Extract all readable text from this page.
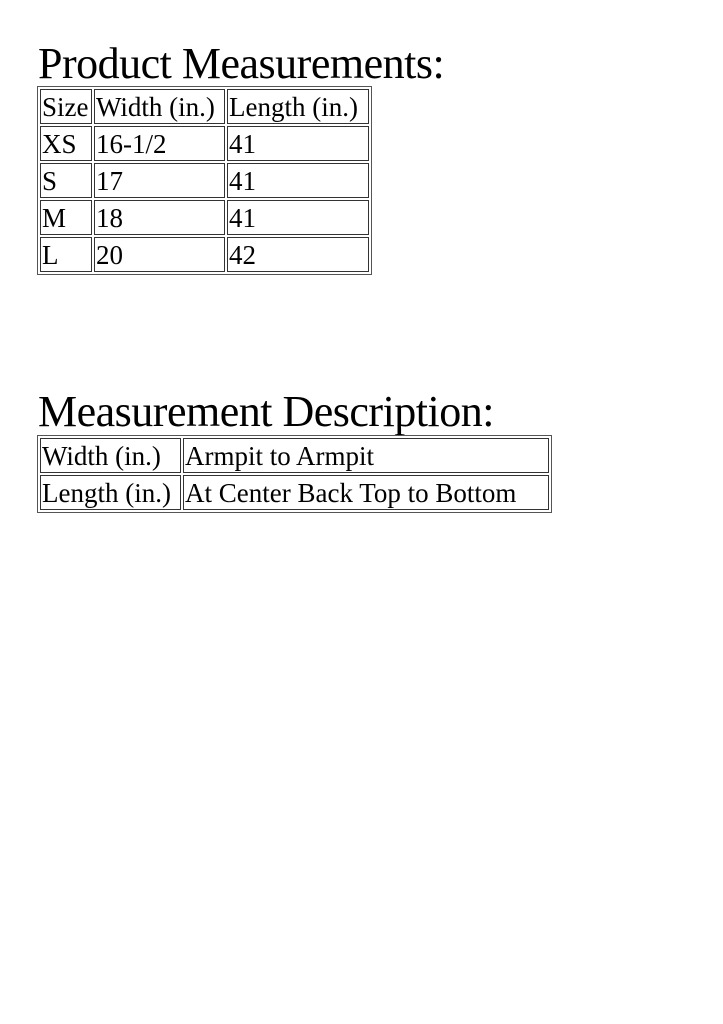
Product Measurements:
Size	Width (in.)	Length (in.)
XS	16-1/2	41
S	17	41
M	18	41
L	20	42
Measurement Description:
Width (in.)	Armpit to Armpit
Length (in.)	At Center Back Top to Bottom
